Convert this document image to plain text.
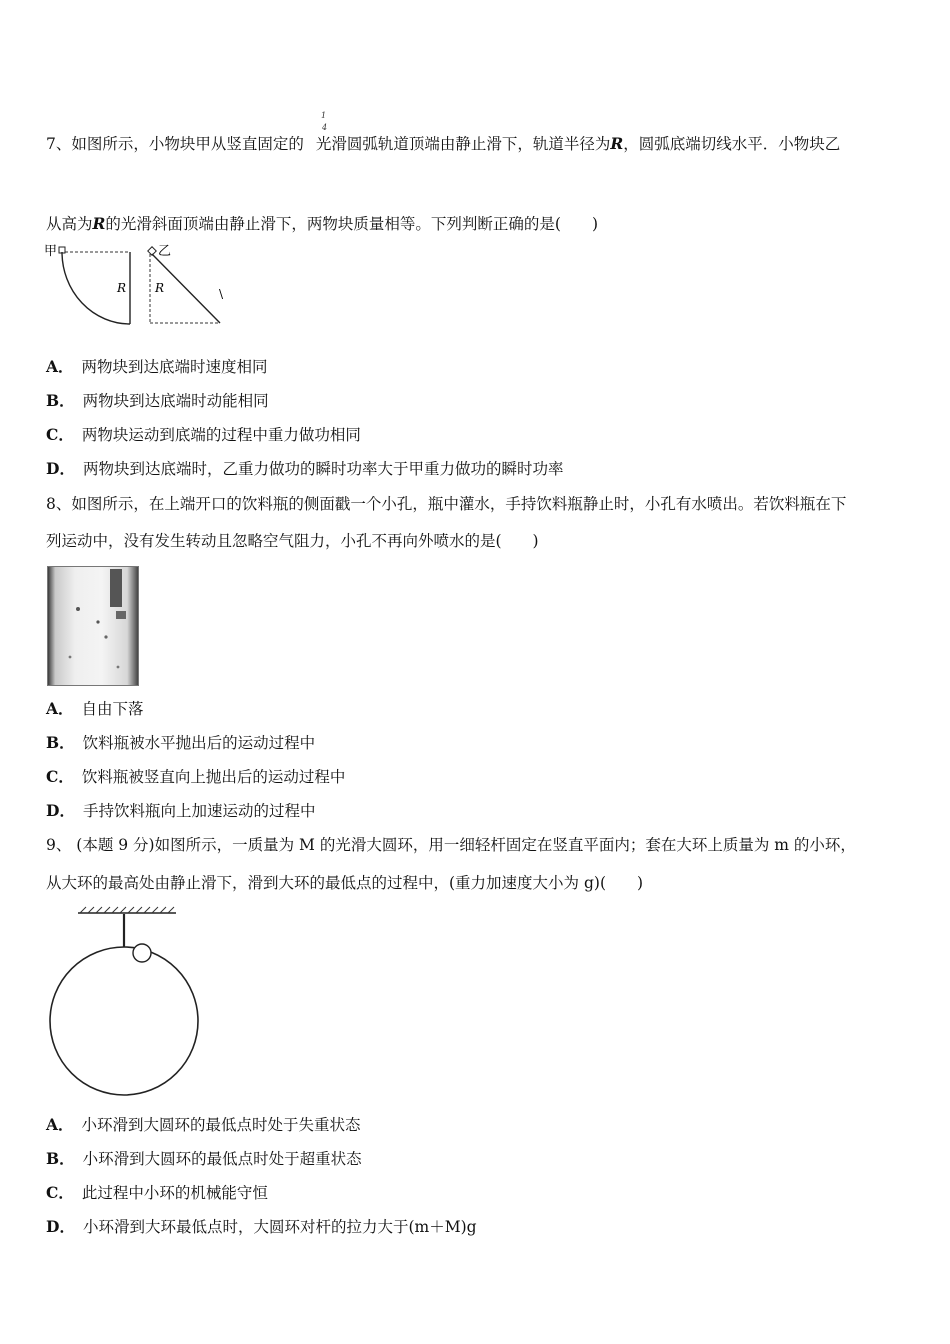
7、如图所示，小物块甲从竖直固定的 光滑圆弧轨道顶端由静止滑下，轨道半径为R，圆弧底端切线水平．小物块乙
1
4
从高为R的光滑斜面顶端由静止滑下，两物块质量相等。下列判断正确的是(　　)
甲
R
乙
R	\
A． 两物块到达底端时速度相同
B． 两物块到达底端时动能相同
C． 两物块运动到底端的过程中重力做功相同
D． 两物块到达底端时，乙重力做功的瞬时功率大于甲重力做功的瞬时功率
8、如图所示，在上端开口的饮料瓶的侧面戳一个小孔，瓶中灌水，手持饮料瓶静止时，小孔有水喷出。若饮料瓶在下
列运动中，没有发生转动且忽略空气阻力，小孔不再向外喷水的是(　　)
A． 自由下落
B． 饮料瓶被水平抛出后的运动过程中
C． 饮料瓶被竖直向上抛出后的运动过程中
D． 手持饮料瓶向上加速运动的过程中
9、 (本题 9 分)如图所示，一质量为 M 的光滑大圆环，用一细轻杆固定在竖直平面内；套在大环上质量为 m 的小环，
从大环的最高处由静止滑下，滑到大环的最低点的过程中，(重力加速度大小为 g)(　　)
A． 小环滑到大圆环的最低点时处于失重状态
B． 小环滑到大圆环的最低点时处于超重状态
C． 此过程中小环的机械能守恒
D． 小环滑到大环最低点时，大圆环对杆的拉力大于(m＋M)g
